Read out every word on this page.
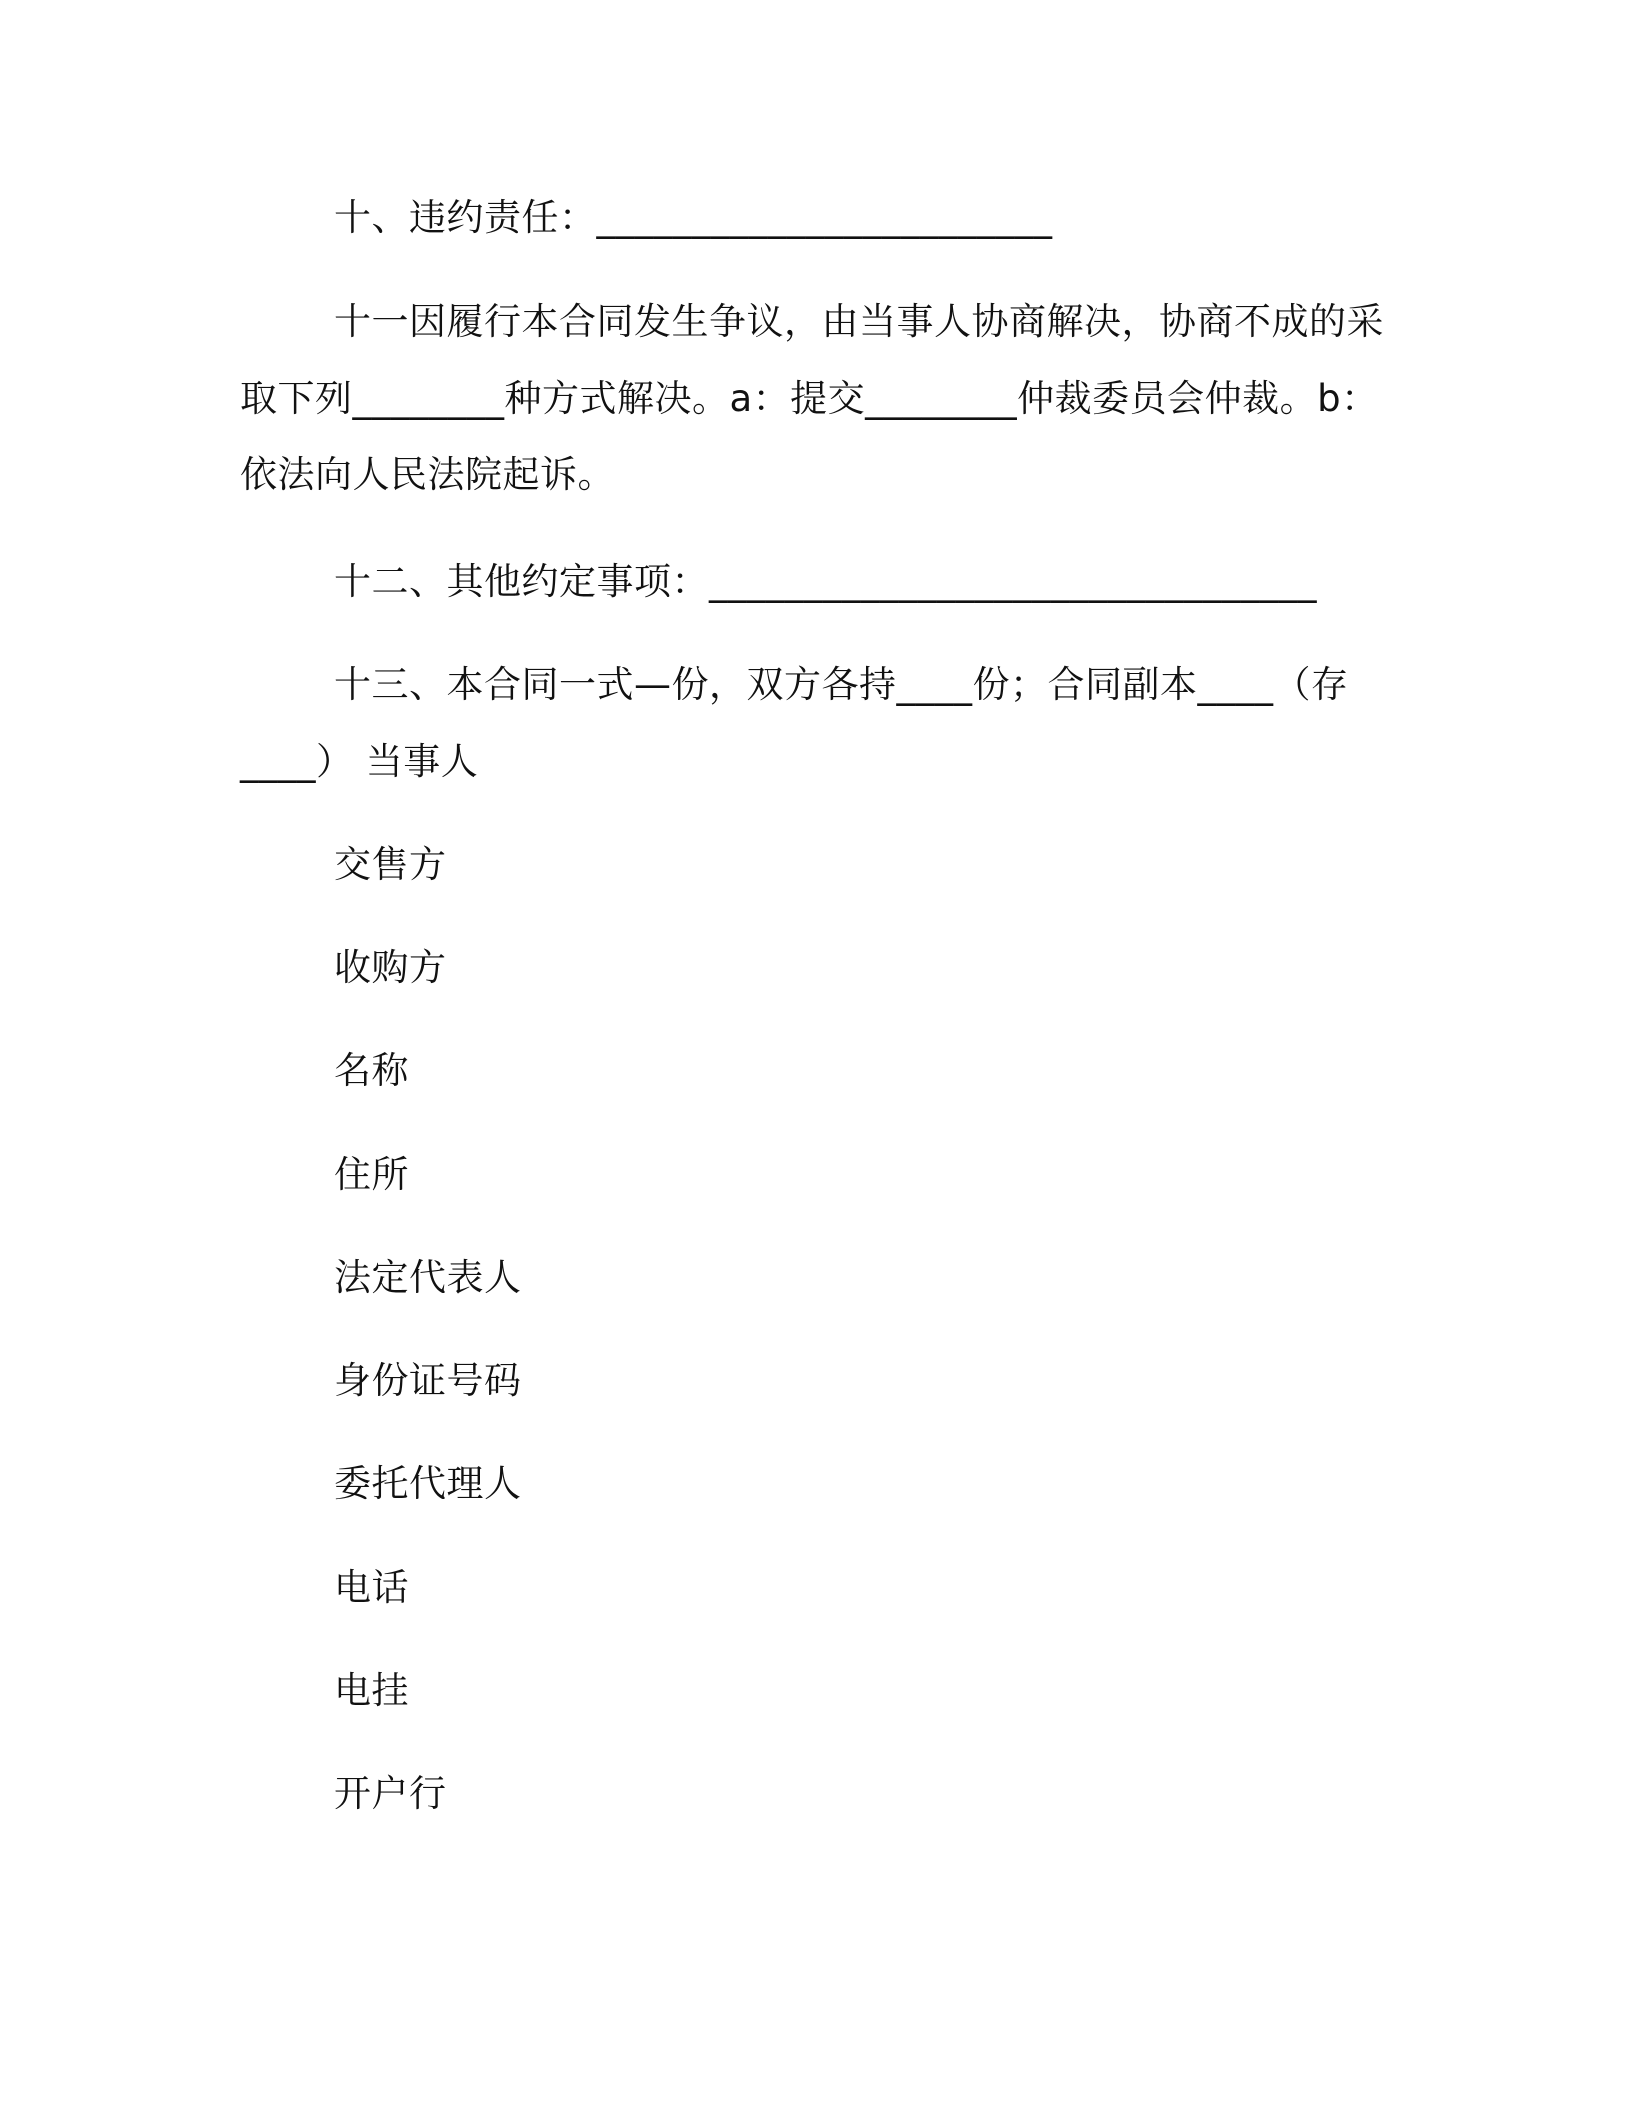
十、违约责任：________________________

十一因履行本合同发生争议，由当事人协商解决，协商不成的采

取下列________种方式解决。a：提交________仲裁委员会仲裁。b：

依法向人民法院起诉。

十二、其他约定事项：________________________________

十三、本合同一式—份，双方各持____份；合同副本____（存

____） 当事人

交售方

收购方

名称

住所

法定代表人

身份证号码

委托代理人

电话

电挂

开户行
